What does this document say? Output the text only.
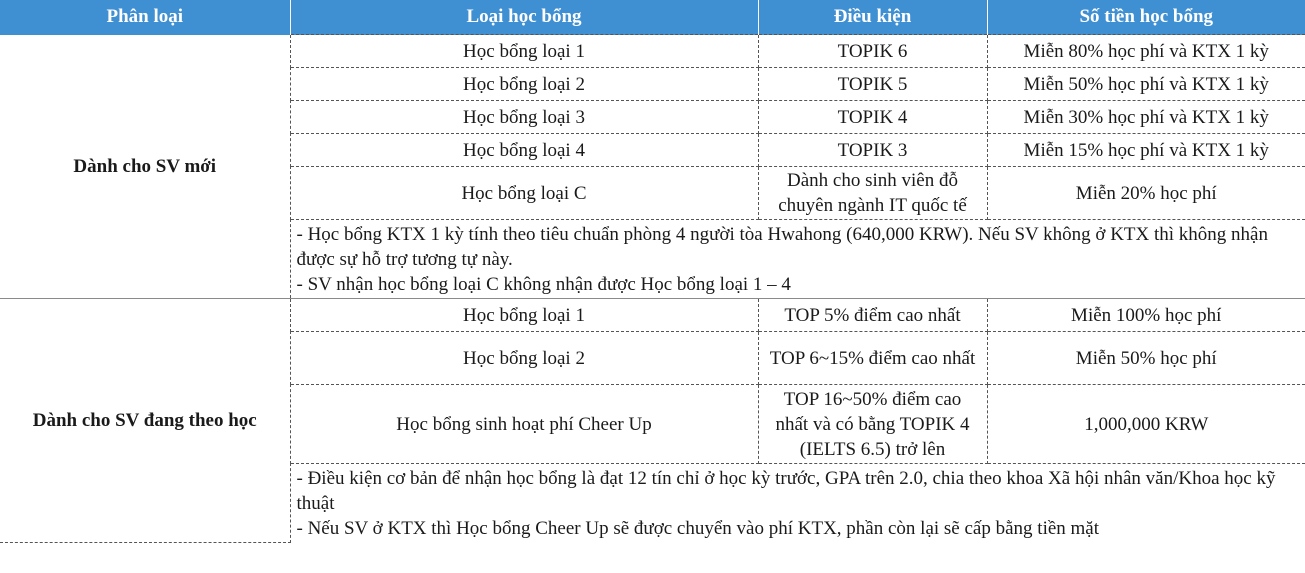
Phân loại	Loại học bổng	Điều kiện	Số tiền học bổng
Dành cho SV mới	Học bổng loại 1	TOPIK 6	Miễn 80% học phí và KTX 1 kỳ
	Học bổng loại 2	TOPIK 5	Miễn 50% học phí và KTX 1 kỳ
	Học bổng loại 3	TOPIK 4	Miễn 30% học phí và KTX 1 kỳ
	Học bổng loại 4	TOPIK 3	Miễn 15% học phí và KTX 1 kỳ
	Học bổng loại C	Dành cho sinh viên đỗ chuyên ngành IT quốc tế	Miễn 20% học phí

	- Học bổng KTX 1 kỳ tính theo tiêu chuẩn phòng 4 người tòa Hwahong (640,000 KRW). Nếu SV không ở KTX thì không nhận được sự hỗ trợ tương tự này.
- SV nhận học bổng loại C không nhận được Học bổng loại 1 – 4		

Dành cho SV đang theo học	Học bổng loại 1	TOP 5% điểm cao nhất	Miễn 100% học phí
	Học bổng loại 2	TOP 6~15% điểm cao nhất	Miễn 50% học phí
	Học bổng sinh hoạt phí Cheer Up	TOP 16~50% điểm cao nhất và có bằng TOPIK 4 (IELTS 6.5) trở lên	1,000,000 KRW

	- Điều kiện cơ bản để nhận học bổng là đạt 12 tín chỉ ở học kỳ trước, GPA trên 2.0, chia theo khoa Xã hội nhân văn/Khoa học kỹ thuật
- Nếu SV ở KTX thì Học bổng Cheer Up sẽ được chuyển vào phí KTX, phần còn lại sẽ cấp bằng tiền mặt		
